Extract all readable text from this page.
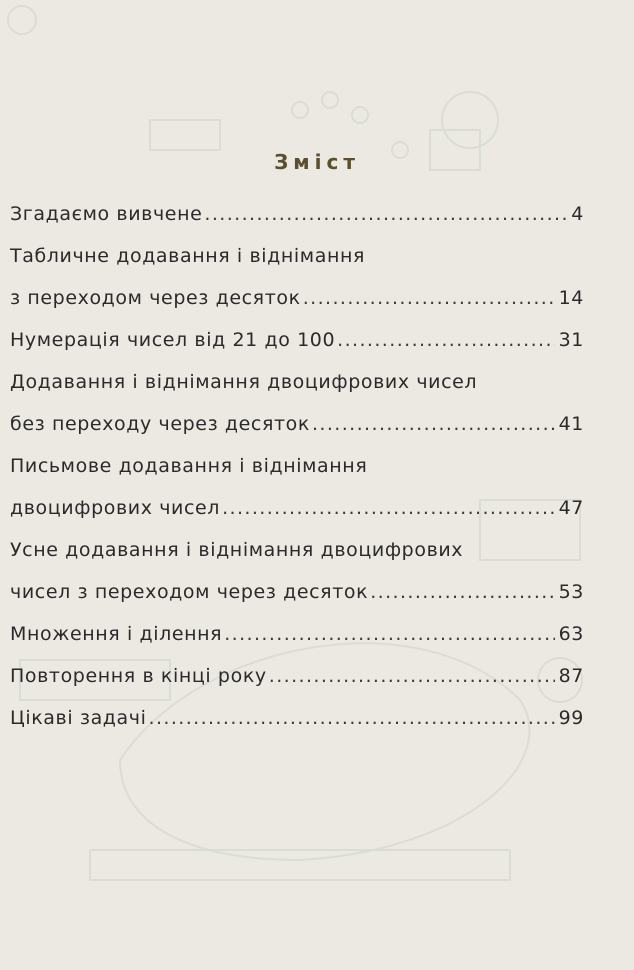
Зміст
Згадаємо вивчене .....	4
Табличне додавання і віднімання
з переходом через десяток .....	14
Нумерація чисел від 21 до 100 .....	31
Додавання і віднімання двоцифрових чисел
без переходу через десяток .....	41
Письмове додавання і віднімання
двоцифрових чисел .....	47
Усне додавання і віднімання двоцифрових
чисел з переходом через десяток .....	53
Множення і ділення .....	63
Повторення в кінці року .....	87
Цікаві задачі .....	99
